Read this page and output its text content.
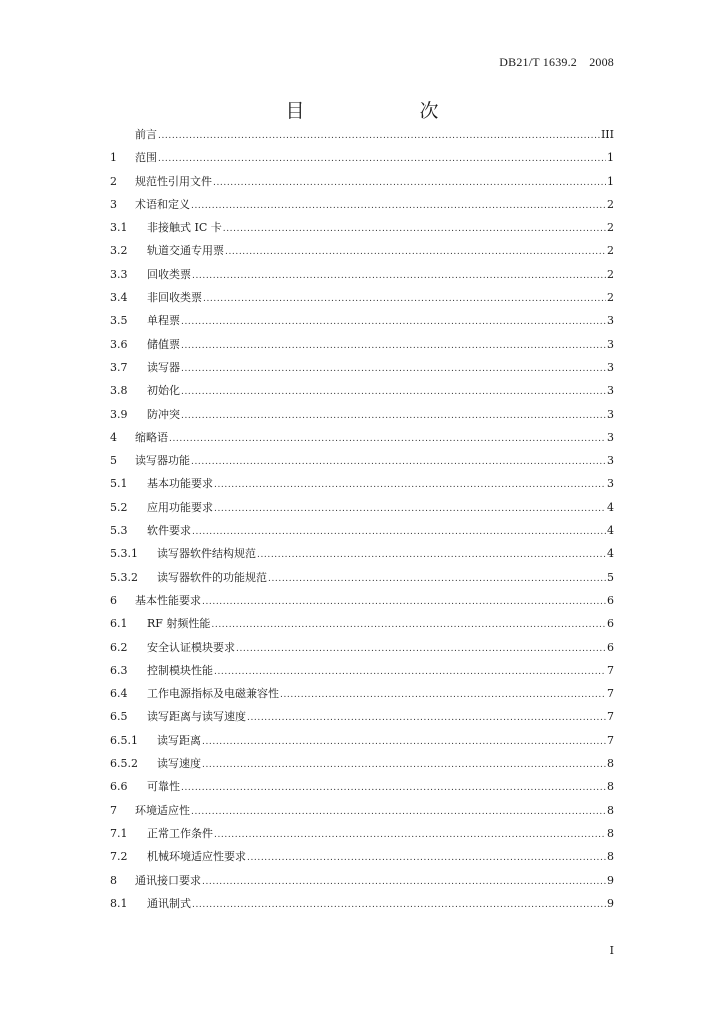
DB21/T 1639.2　2008
目　次
前言 .....	III
1	范围 .....	1
2	规范性引用文件 .....	1
3	术语和定义 .....	2
3.1	非接触式 IC 卡 .....	2
3.2	轨道交通专用票 .....	2
3.3	回收类票 .....	2
3.4	非回收类票 .....	2
3.5	单程票 .....	3
3.6	储值票 .....	3
3.7	读写器 .....	3
3.8	初始化 .....	3
3.9	防冲突 .....	3
4	缩略语 .....	3
5	读写器功能 .....	3
5.1	基本功能要求 .....	3
5.2	应用功能要求 .....	4
5.3	软件要求 .....	4
5.3.1	读写器软件结构规范 .....	4
5.3.2	读写器软件的功能规范 .....	5
6	基本性能要求 .....	6
6.1	RF 射频性能 .....	6
6.2	安全认证模块要求 .....	6
6.3	控制模块性能 .....	7
6.4	工作电源指标及电磁兼容性 .....	7
6.5	读写距离与读写速度 .....	7
6.5.1	读写距离 .....	7
6.5.2	读写速度 .....	8
6.6	可靠性 .....	8
7	环境适应性 .....	8
7.1	正常工作条件 .....	8
7.2	机械环境适应性要求 .....	8
8	通讯接口要求 .....	9
8.1	通讯制式 .....	9
I
